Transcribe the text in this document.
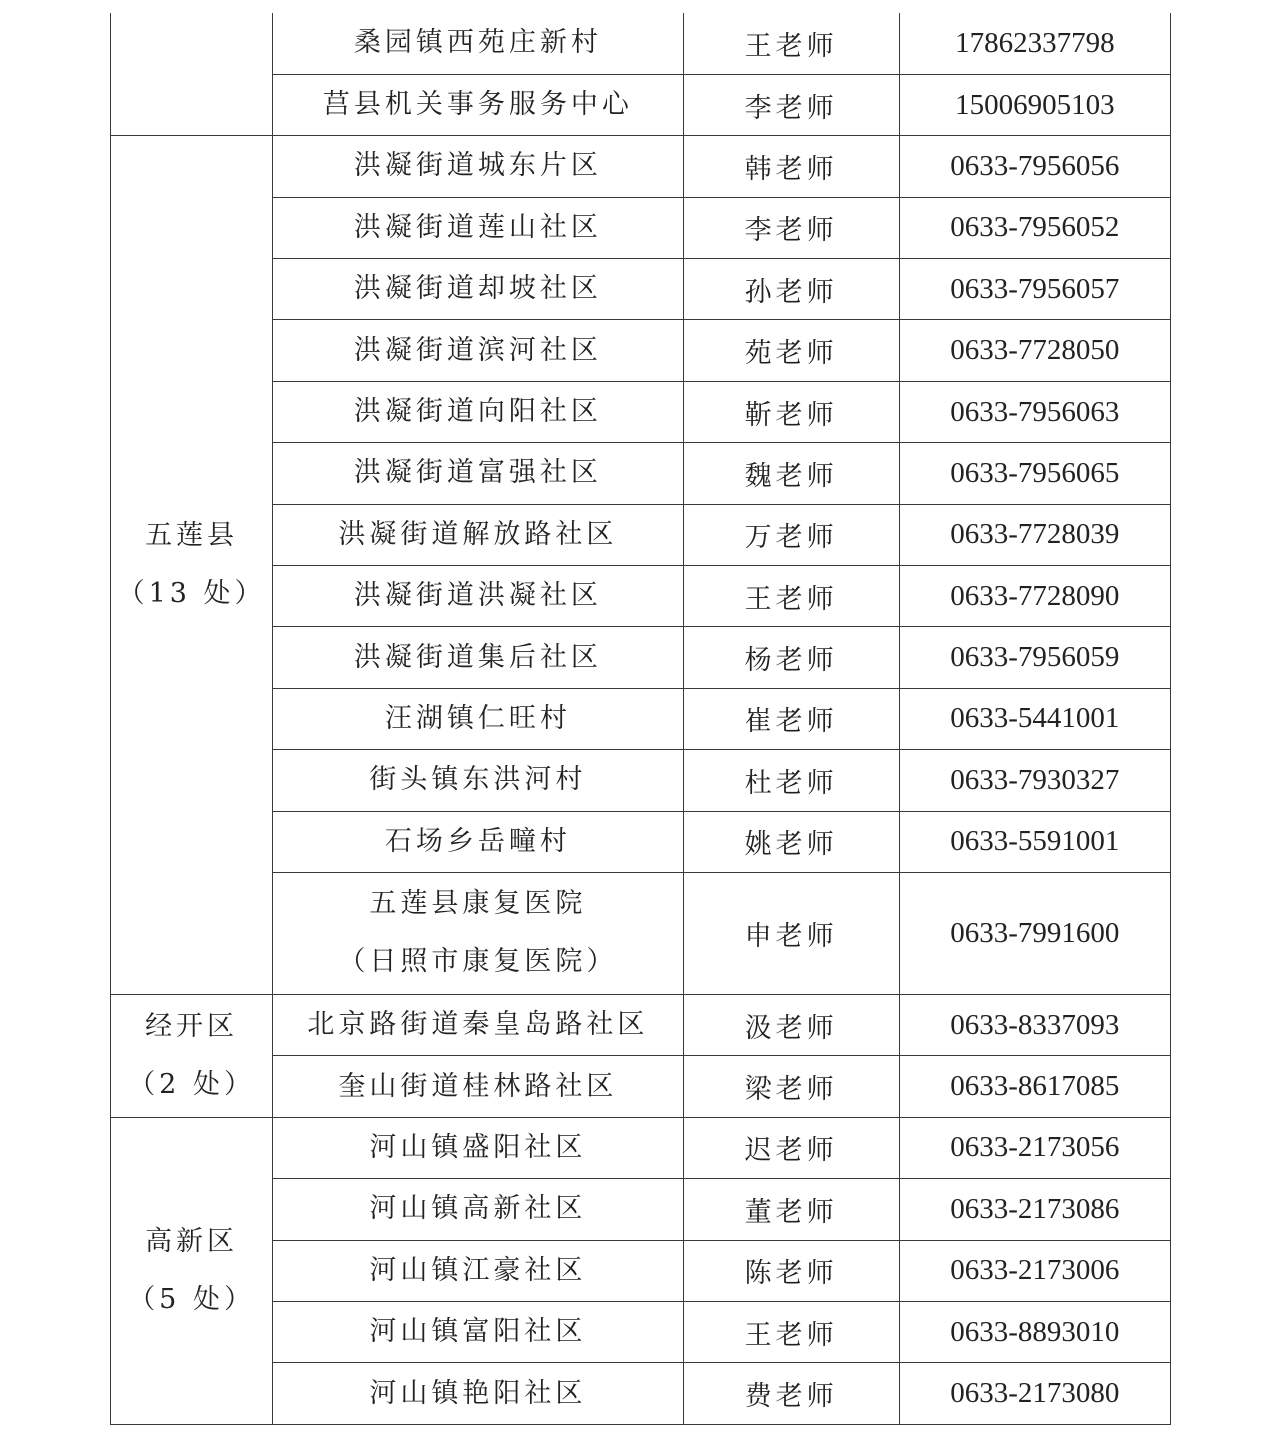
	桑园镇西苑庄新村	王老师	17862337798

	莒县机关事务服务中心	李老师	15006905103

五莲县
（13 处）	洪凝街道城东片区	韩老师	0633-7956056

	洪凝街道莲山社区	李老师	0633-7956052

	洪凝街道却坡社区	孙老师	0633-7956057

	洪凝街道滨河社区	苑老师	0633-7728050

	洪凝街道向阳社区	靳老师	0633-7956063

	洪凝街道富强社区	魏老师	0633-7956065

	洪凝街道解放路社区	万老师	0633-7728039

	洪凝街道洪凝社区	王老师	0633-7728090

	洪凝街道集后社区	杨老师	0633-7956059

	汪湖镇仁旺村	崔老师	0633-5441001

	街头镇东洪河村	杜老师	0633-7930327

	石场乡岳疃村	姚老师	0633-5591001

	五莲县康复医院
（日照市康复医院）	申老师	0633-7991600

经开区
（2 处）	北京路街道秦皇岛路社区	汲老师	0633-8337093

	奎山街道桂林路社区	梁老师	0633-8617085

高新区
（5 处）	河山镇盛阳社区	迟老师	0633-2173056

	河山镇高新社区	董老师	0633-2173086

	河山镇江豪社区	陈老师	0633-2173006

	河山镇富阳社区	王老师	0633-8893010

	河山镇艳阳社区	费老师	0633-2173080
